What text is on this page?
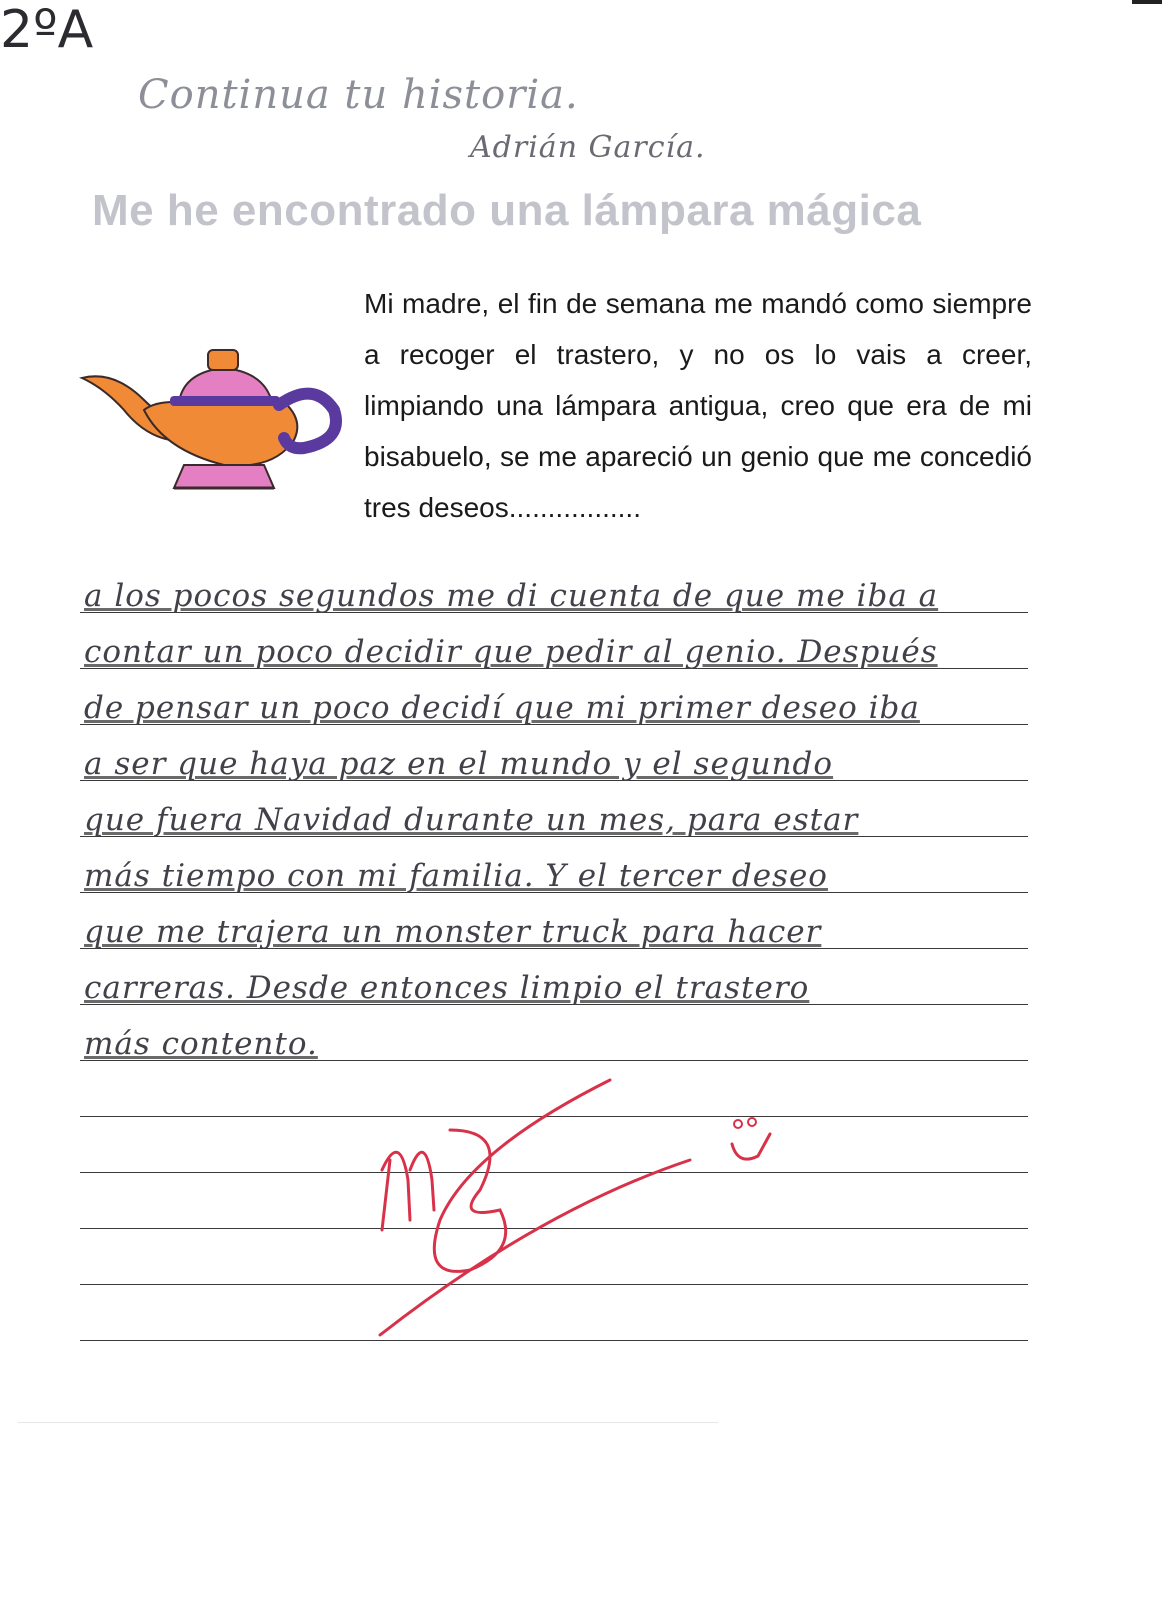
Continua tu historia.
Adrián García.
2ºA
Me he encontrado una lámpara mágica

Mi madre, el fin de semana me mandó como siempre a recoger el trastero, y no os lo vais a creer, limpiando una lámpara antigua, creo que era de mi bisabuelo, se me apareció un genio que me concedió tres deseos.................

a los pocos segundos me di cuenta de que me iba a
contar un poco decidir que pedir al genio. Después
de pensar un poco decidí que mi primer deseo iba
a ser que haya paz en el mundo y el segundo
que fuera Navidad durante un mes, para estar
más tiempo con mi familia. Y el tercer deseo
que me trajera un monster truck para hacer
carreras. Desde entonces limpio el trastero
más contento.
